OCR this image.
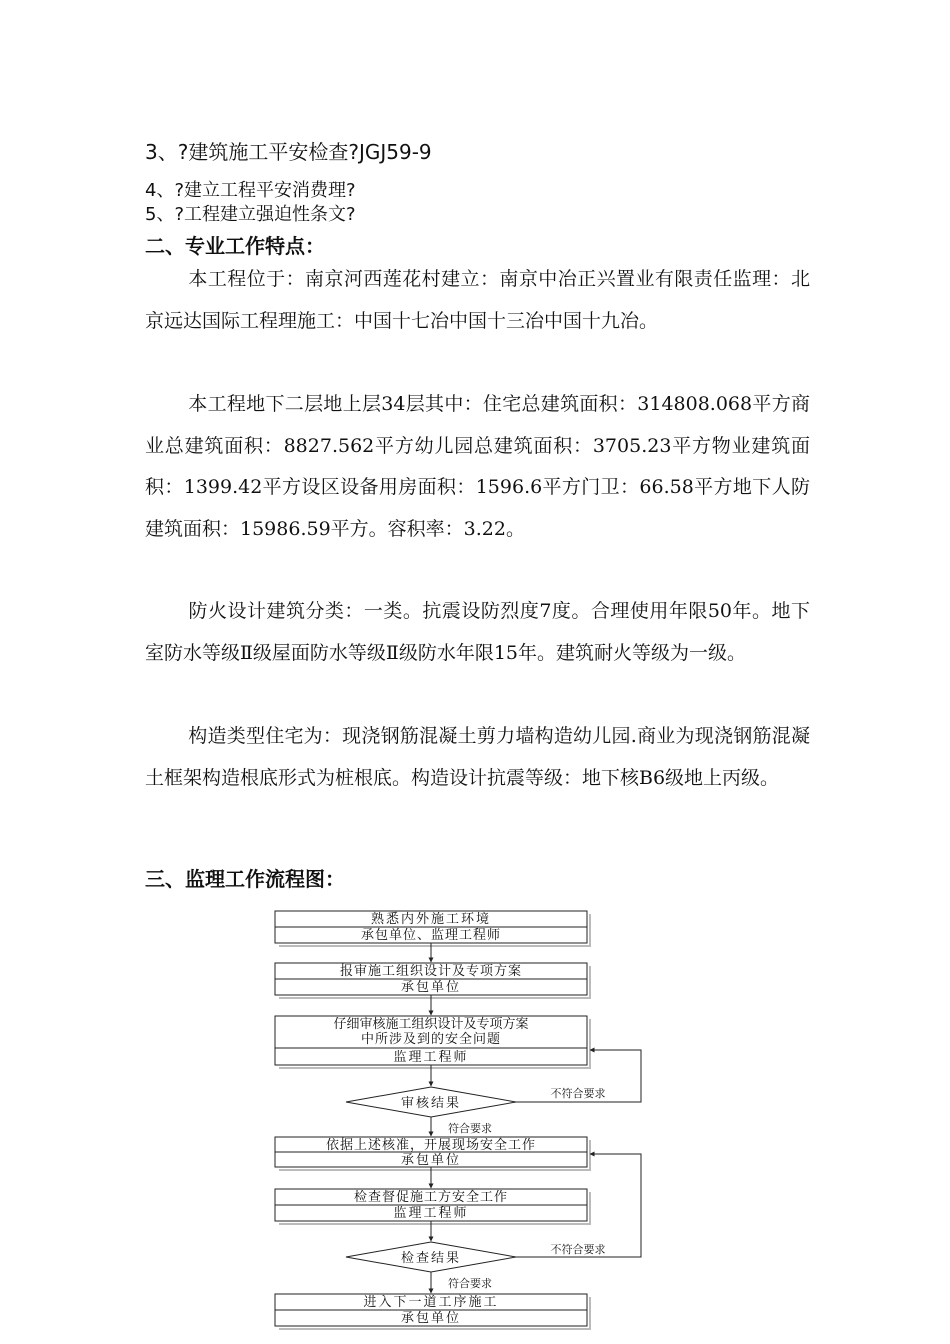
3、?建筑施工平安检查?JGJ59-9
4、?建立工程平安消费理?
5、?工程建立强迫性条文?
二、专业工作特点：

本工程位于：南京河西莲花村建立：南京中冶正兴置业有限责任监理：北京远达国际工程理施工：中国十七冶中国十三冶中国十九冶。

本工程地下二层地上层34层其中：住宅总建筑面积：314808.068平方商业总建筑面积：8827.562平方幼儿园总建筑面积：3705.23平方物业建筑面积：1399.42平方设区设备用房面积：1596.6平方门卫：66.58平方地下人防建筑面积：15986.59平方。容积率：3.22。

防火设计建筑分类：一类。抗震设防烈度7度。合理使用年限50年。地下室防水等级Ⅱ级屋面防水等级Ⅱ级防水年限15年。建筑耐火等级为一级。

构造类型住宅为：现浇钢筋混凝土剪力墙构造幼儿园.商业为现浇钢筋混凝土框架构造根底形式为桩根底。构造设计抗震等级：地下核B6级地上丙级。

三、监理工作流程图：
熟悉内外施工环境
承包单位、监理工程师
报审施工组织设计及专项方案
承包单位
仔细审核施工组织设计及专项方案
中所涉及到的安全问题
监理工程师
审核结果
符合要求
不符合要求
依据上述核准，开展现场安全工作
承包单位
检查督促施工方安全工作
监理工程师
检查结果
符合要求
不符合要求
进入下一道工序施工
承包单位
